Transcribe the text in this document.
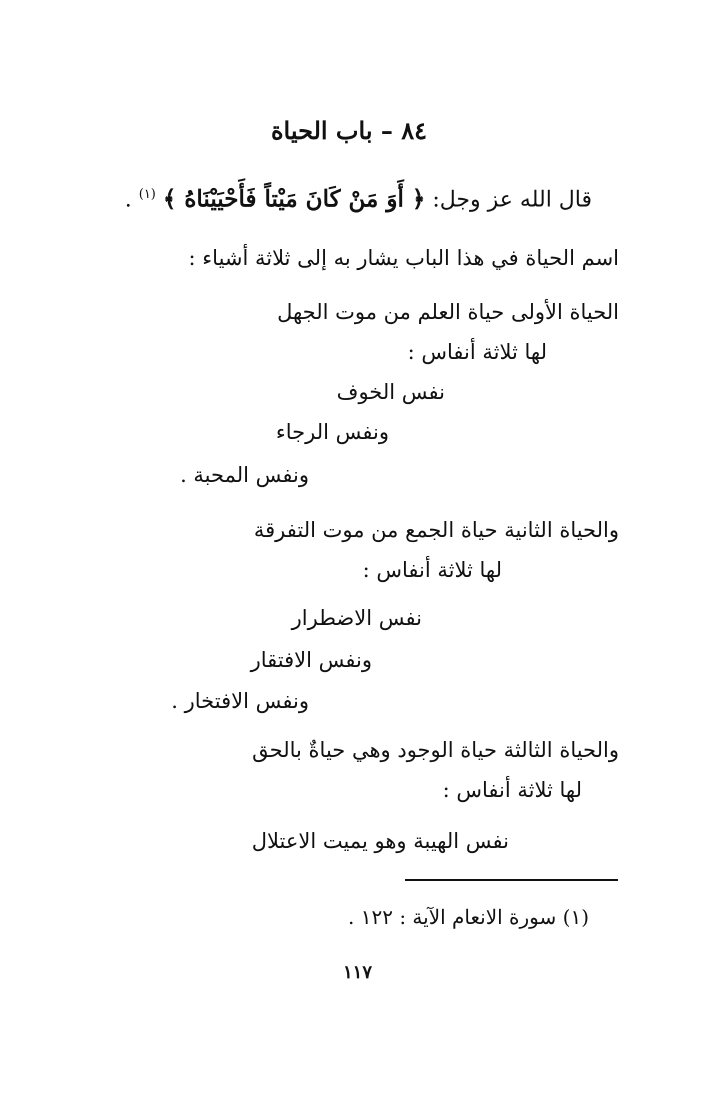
٨٤ – باب الحياة
قال الله عز وجل: ﴿ أَوَ مَنْ كَانَ مَيْتاً فَأَحْيَيْنَاهُ ﴾ $^{(١)}$ .
اسم الحياة في هذا الباب يشار به إلى ثلاثة أشياء :
الحياة الأولى حياة العلم من موت الجهل
لها ثلاثة أنفاس :
نفس الخوف
ونفس الرجاء
ونفس المحبة .
والحياة الثانية حياة الجمع من موت التفرقة
لها ثلاثة أنفاس :
نفس الاضطرار
ونفس الافتقار
ونفس الافتخار .
والحياة الثالثة حياة الوجود وهي حياةٌ بالحق
لها ثلاثة أنفاس :
نفس الهيبة وهو يميت الاعتلال
(١) سورة الانعام الآية : ١٢٢ .
١١٧
